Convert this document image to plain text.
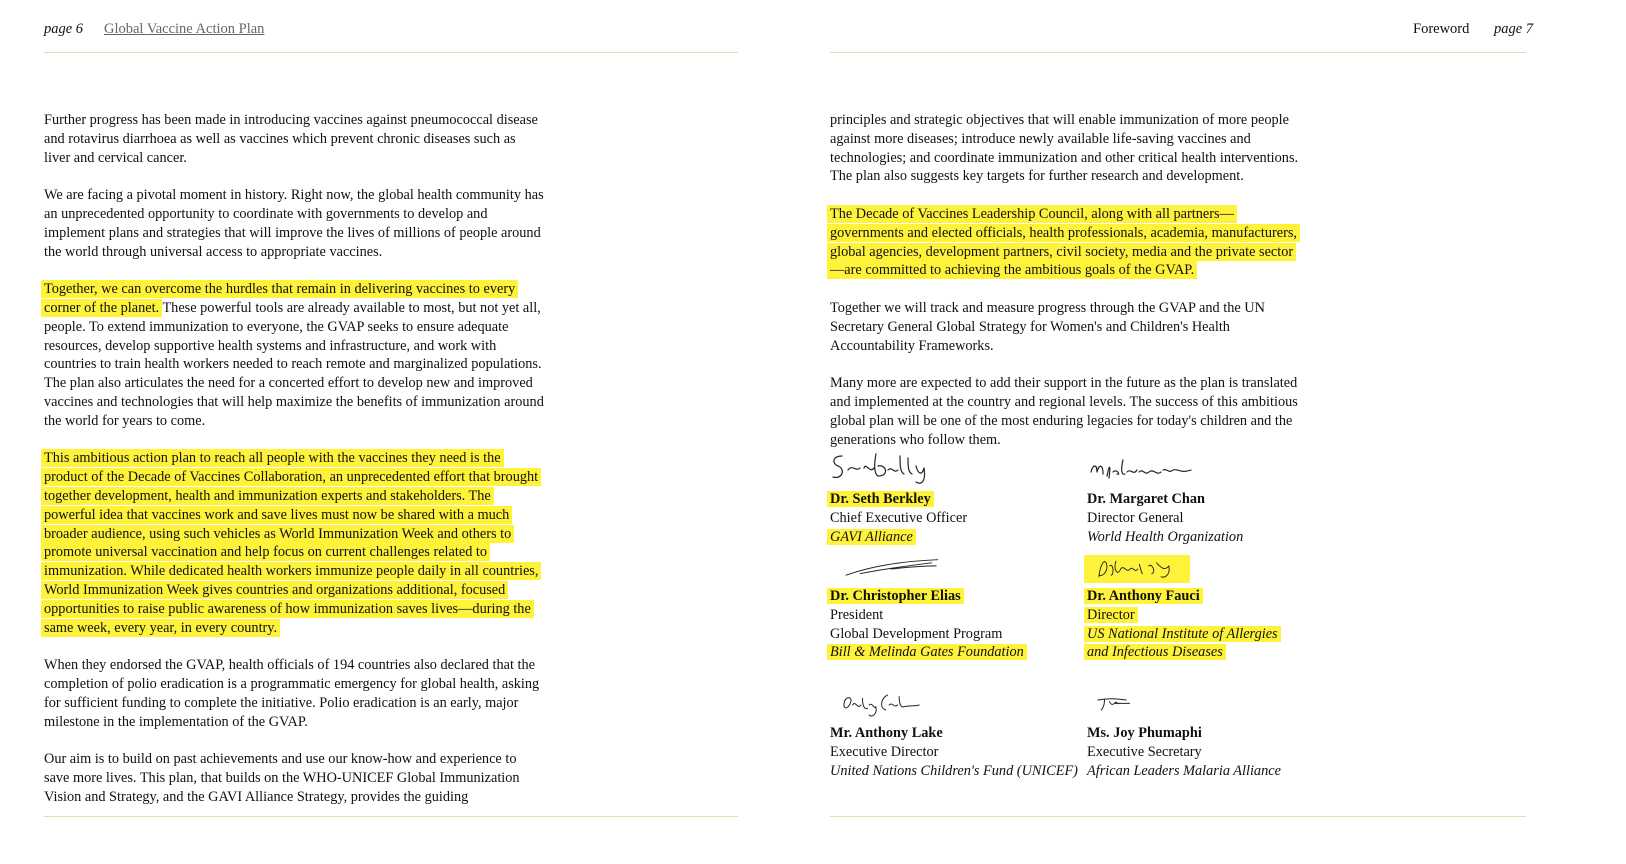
page 6 Global Vaccine Action Plan

Further progress has been made in introducing vaccines against pneumococcal disease and rotavirus diarrhoea as well as vaccines which prevent chronic diseases such as liver and cervical cancer.

We are facing a pivotal moment in history. Right now, the global health community has an unprecedented opportunity to coordinate with governments to develop and implement plans and strategies that will improve the lives of millions of people around the world through universal access to appropriate vaccines.

Together, we can overcome the hurdles that remain in delivering vaccines to every corner of the planet. These powerful tools are already available to most, but not yet all, people. To extend immunization to everyone, the GVAP seeks to ensure adequate resources, develop supportive health systems and infrastructure, and work with countries to train health workers needed to reach remote and marginalized populations. The plan also articulates the need for a concerted effort to develop new and improved vaccines and technologies that will help maximize the benefits of immunization around the world for years to come.

This ambitious action plan to reach all people with the vaccines they need is the product of the Decade of Vaccines Collaboration, an unprecedented effort that brought together development, health and immunization experts and stakeholders. The powerful idea that vaccines work and save lives must now be shared with a much broader audience, using such vehicles as World Immunization Week and others to promote universal vaccination and help focus on current challenges related to immunization. While dedicated health workers immunize people daily in all countries, World Immunization Week gives countries and organizations additional, focused opportunities to raise public awareness of how immunization saves lives—during the same week, every year, in every country.

When they endorsed the GVAP, health officials of 194 countries also declared that the completion of polio eradication is a programmatic emergency for global health, asking for sufficient funding to complete the initiative. Polio eradication is an early, major milestone in the implementation of the GVAP.

Our aim is to build on past achievements and use our know-how and experience to save more lives. This plan, that builds on the WHO-UNICEF Global Immunization Vision and Strategy, and the GAVI Alliance Strategy, provides the guiding

Foreword page 7

principles and strategic objectives that will enable immunization of more people against more diseases; introduce newly available life-saving vaccines and technologies; and coordinate immunization and other critical health interventions. The plan also suggests key targets for further research and development.

The Decade of Vaccines Leadership Council, along with all partners—governments and elected officials, health professionals, academia, manufacturers, global agencies, development partners, civil society, media and the private sector—are committed to achieving the ambitious goals of the GVAP.

Together we will track and measure progress through the GVAP and the UN Secretary General Global Strategy for Women's and Children's Health Accountability Frameworks.

Many more are expected to add their support in the future as the plan is translated and implemented at the country and regional levels. The success of this ambitious global plan will be one of the most enduring legacies for today's children and the generations who follow them.

Dr. Seth Berkley
Chief Executive Officer
GAVI Alliance
Dr. Margaret Chan
Director General
World Health Organization
Dr. Christopher Elias
President
Global Development Program
Bill & Melinda Gates Foundation
Dr. Anthony Fauci
Director
US National Institute of Allergies
and Infectious Diseases
Mr. Anthony Lake
Executive Director
United Nations Children's Fund (UNICEF)
Ms. Joy Phumaphi
Executive Secretary
African Leaders Malaria Alliance
